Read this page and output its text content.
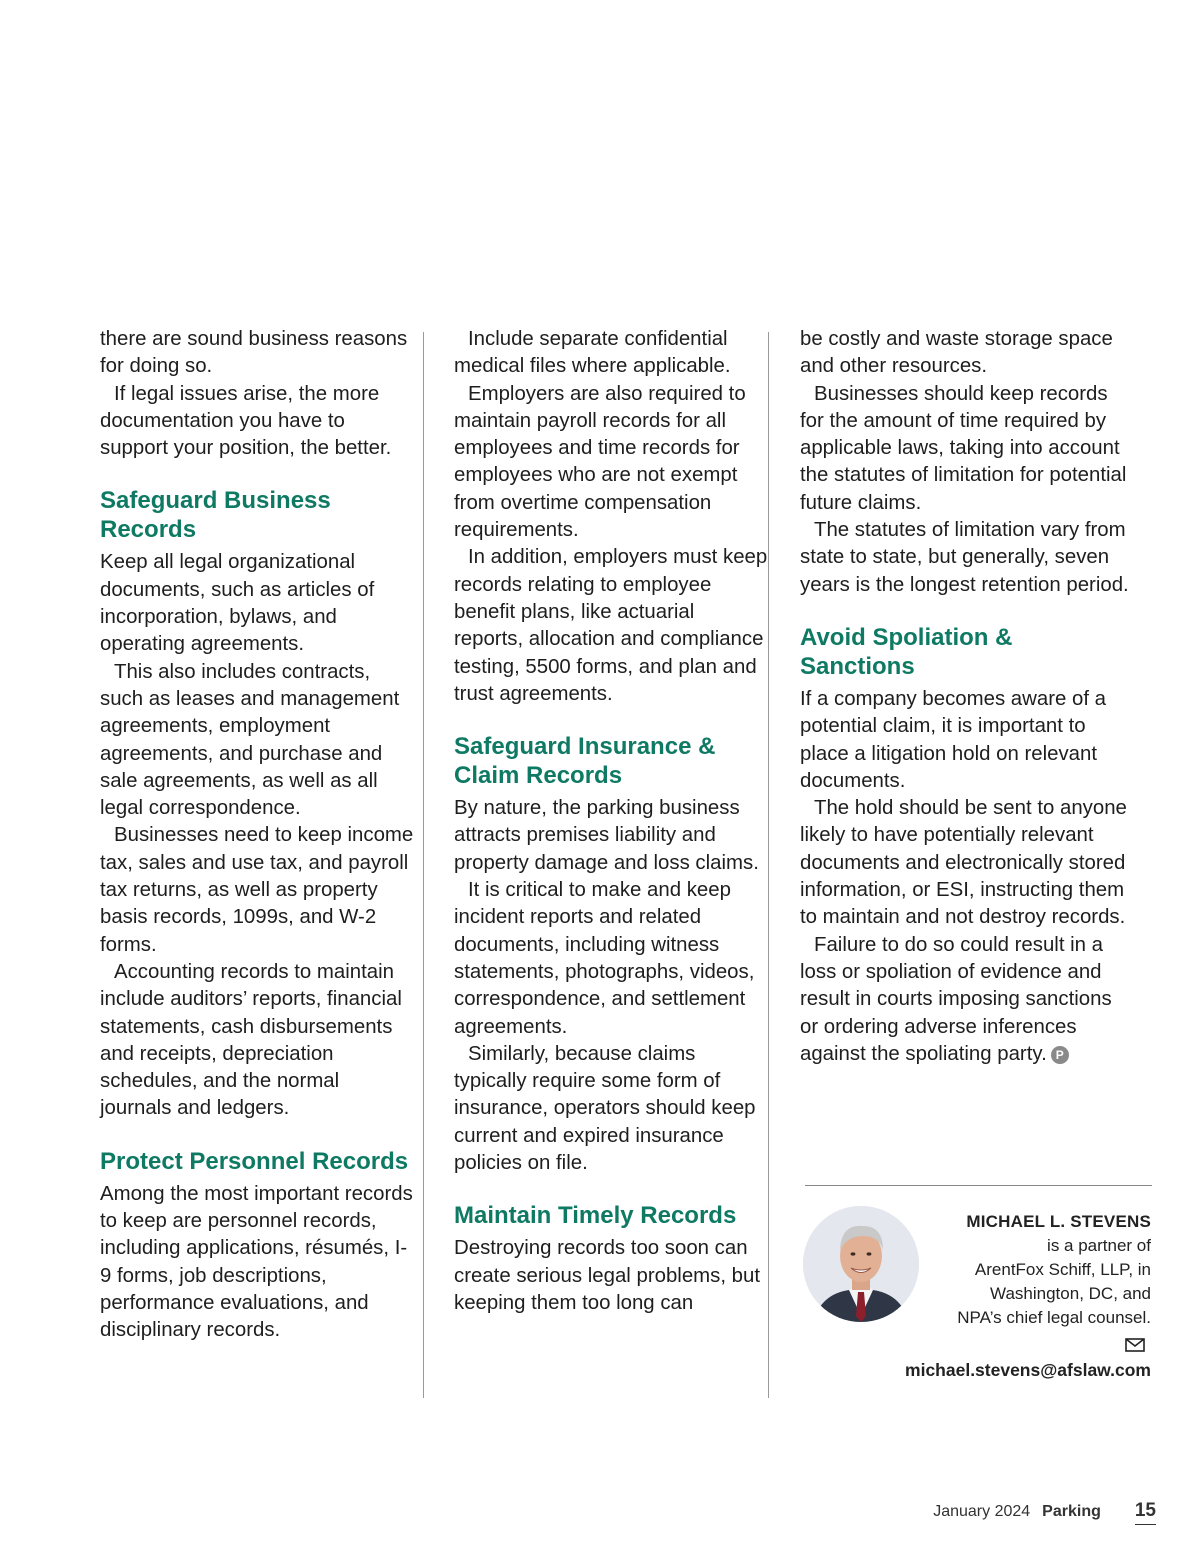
there are sound business reasons for doing so.

If legal issues arise, the more documentation you have to support your position, the better.

Safeguard Business Records

Keep all legal organizational documents, such as articles of incorporation, bylaws, and operating agreements.

This also includes contracts, such as leases and management agreements, employment agreements, and purchase and sale agreements, as well as all legal correspondence.

Businesses need to keep income tax, sales and use tax, and payroll tax returns, as well as property basis records, 1099s, and W-2 forms.

Accounting records to maintain include auditors’ reports, financial statements, cash disbursements and receipts, depreciation schedules, and the normal journals and ledgers.

Protect Personnel Records

Among the most important records to keep are personnel records, including applications, résumés, I-9 forms, job descriptions, performance evaluations, and disciplinary records.

Include separate confidential medical files where applicable.

Employers are also required to maintain payroll records for all employees and time records for employees who are not exempt from overtime compensation requirements.

In addition, employers must keep records relating to employee benefit plans, like actuarial reports, allocation and compliance testing, 5500 forms, and plan and trust agreements.

Safeguard Insurance & Claim Records

By nature, the parking business attracts premises liability and property damage and loss claims.

It is critical to make and keep incident reports and related documents, including witness statements, photographs, videos, correspondence, and settlement agreements.

Similarly, because claims typically require some form of insurance, operators should keep current and expired insurance policies on file.

Maintain Timely Records

Destroying records too soon can create serious legal problems, but keeping them too long can

be costly and waste storage space and other resources.

Businesses should keep records for the amount of time required by applicable laws, taking into account the statutes of limitation for potential future claims.

The statutes of limitation vary from state to state, but generally, seven years is the longest retention period.

Avoid Spoliation & Sanctions

If a company becomes aware of a potential claim, it is important to place a litigation hold on relevant documents.

The hold should be sent to anyone likely to have potentially relevant documents and electronically stored information, or ESI, instructing them to maintain and not destroy records.

Failure to do so could result in a loss or spoliation of evidence and result in courts imposing sanctions or ordering adverse inferences against the spoliating party. P

MICHAEL L. STEVENS
is a partner of
ArentFox Schiff, LLP, in
Washington, DC, and
NPA’s chief legal counsel.
michael.stevens@afslaw.com
January 2024 Parking 15
